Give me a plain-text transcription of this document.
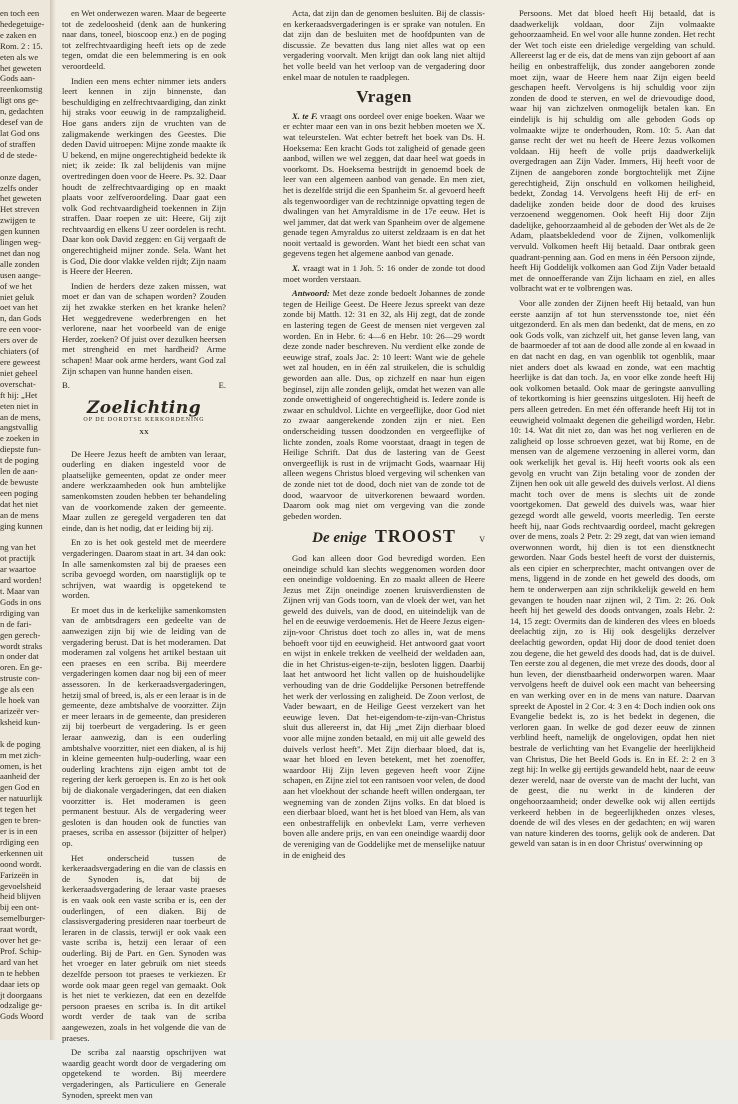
en toch een
hedegetuige-
e zaken en
Rom. 2 : 15.
eten als we
het geweten
Gods aan-
reenkomstig
ligt ons ge-
n, gedachten
desef van de
lat God ons
of straffen
d de stede-

onze dagen,
zelfs onder
het geweten
Het streven
zwijgen te
gen kunnen
lingen weg-
net dan nog
alle zonden
usen aange-
of we het
niet geluk
oet van het
n, dan Gods
re een voor-
ers over de
chiaters (of
ere geweest
niet geheel
overschat-
ft hij: „Het
eten niet in
an de mens,
angstvallig
e zoeken in
diepste fun-
t de poging
len de aan-
de bewuste
een poging
dat het niet
an de mens
ging kunnen

ng van het
ot practijk
ar waartoe
ard worden!
t. Maar van
Gods in ons
rdiging van
n de fari-
gen gerech-
wordt straks
n onder dat
oren. En ge-
struste con-
ge als een
le hoek van
arizeër ver-
ksheid kun-

k de poging
m met zich-
omen, is het
aanheid der
gen God en
er natuurlijk
t tegen het
gen te bren-
er is in een
rdiging een
erkennen uit
oond wordt.
Farizeën in
gevoelsheid
heid blijven
bij een ont-
semelburger-
raat wordt,
over het ge-
Prof. Schip-
ard van het
n te hebben
daar iets op
jt doorgaans
odzalige ge-
Gods Woord

en Wet onderwezen waren. Maar de begeerte tot de zedeloosheid (denk aan de hunkering naar dans, toneel, bioscoop enz.) en de poging tot zelfrechtvaardiging heeft iets op de zede tegen, omdat die een belemmering is en ook veroordeeld.

Indien een mens echter nimmer iets anders leert kennen in zijn binnenste, dan beschuldiging en zelfrechtvaardiging, dan zinkt hij straks voor eeuwig in de rampzaligheid. Hoe gans anders zijn de vruchten van de zaligmakende werkingen des Geestes. Die deden David uitroepen: Mijne zonde maakte ik U bekend, en mijne ongerechtigheid bedekte ik niet; ik zeide: Ik zal belijdenis van mijne overtredingen doen voor de Heere. Ps. 32. Daar houdt de zelfrechtvaardiging op en maakt plaats voor zelfveroordeling. Daar gaat een volk God rechtvaardigheid toekennen in Zijn straffen. Daar roepen ze uit: Heere, Gij zijt rechtvaardig en elkens U zeer oordelen is recht. Daar kon ook David zeggen: en Gij vergaaft de ongerechtigheid mijner zonde. Sela. Want het is God, Die door vlakke velden rijdt; Zijn naam is Heere der Heeren.

Indien de herders deze zaken missen, wat moet er dan van de schapen worden? Zouden zij het zwakke sterken en het kranke helen? Het weggedrevene wederbrengen en het verlorene, naar het voorbeeld van de enige Herder, zoeken? Of juist over dezulken heersen met strengheid en met hardheid? Arme schapen! Maar ook arme herders, want God zal Zijn schapen van hunne handen eisen.

B.	E.
Zoelichting
OP DE DORDTSE KERKORDENING
XX

De Heere Jezus heeft de ambten van leraar, ouderling en diaken ingesteld voor de plaatselijke gemeenten, opdat ze onder meer andere werkzaamheden ook hun ambtelijke samenkomsten zouden hebben ter behandeling van de voorkomende zaken der gemeente. Maar zullen ze geregeld vergaderen ten dat einde, dan is het nodig, dat er leiding bij zij.

En zo is het ook gesteld met de meerdere vergaderingen. Daarom staat in art. 34 dan ook: In alle samenkomsten zal bij de praeses een scriba gevoegd worden, om naarstiglijk op te schrijven, wat waardig is opgetekend te worden.

Er moet dus in de kerkelijke samenkomsten van de ambtsdragers een gedeelte van de aanwezigen zijn bij wie de leiding van de vergadering berust. Dat is het moderamen. Dat moderamen zal volgens het artikel bestaan uit een praeses en een scriba. Bij meerdere vergaderingen komen daar nog bij een of meer assessoren. In de kerkeraadsvergaderingen, hetzij smal of breed, is, als er een leraar is in de gemeente, deze ambtshalve de voorzitter. Zijn er meer leraars in de gemeente, dan presideren zij bij toerbeurt de vergadering. Is er geen leraar aanwezig, dan is een ouderling ambtshalve voorzitter, niet een diaken, al is hij in kleine gemeenten hulp-ouderling, waar een ouderling krachtens zijn eigen ambt tot de regering der kerk geroepen is. En zo is het ook bij de diakonale vergaderingen, dat een diaken voorzitter is. Het moderamen is geen permanent bestuur. Als de vergadering weer gesloten is dan houden ook de functies van praeses, scriba en assessor (bijzitter of helper) op.

Het onderscheid tussen de kerkeraadsvergadering en die van de classis en de Synoden is, dat bij de kerkeraadsvergadering de leraar vaste praeses is en vaak ook een vaste scriba er is, een der ouderlingen, of een diaken. Bij de classisvergadering presideren naar toerbeurt de leraren in de classis, terwijl er ook vaak een vaste scriba is, hetzij een leraar of een ouderling. Bij de Part. en Gen. Synoden was het vroeger en later gebruik om niet steeds dezelfde persoon tot praeses te verkiezen. Er worde ook maar geen regel van gemaakt. Ook is het niet te verkiezen, dat een en dezelfde persoon praeses en scriba is. In dit artikel wordt verder de taak van de scriba aangewezen, zoals in het volgende die van de praeses.

De scriba zal naarstig opschrijven wat waardig geacht wordt door de vergadering om opgetekend te worden. Bij meerdere vergaderingen, als Particuliere en Generale Synoden, spreekt men van

Acta, dat zijn dan de genomen besluiten. Bij de classis- en kerkeraadsvergaderingen is er sprake van notulen. En dat zijn dan de besluiten met de hoofdpunten van de discussie. Ze bevatten dus lang niet alles wat op een vergadering voorvalt. Men krijgt dan ook lang niet altijd het volle beeld van het verloop van de vergadering door enkel maar de notulen te raadplegen.

Vragen

X. te F. vraagt ons oordeel over enige boeken. Waar we er echter maar een van in ons bezit hebben moeten we X. wat teleursteIen. Wat echter betreft het boek van Ds. H. Hoeksema: Een kracht Gods tot zaligheid of genade geen aanbod, willen we wel zeggen, dat daar heel wat goeds in voorkomt. Ds. Hoeksema bestrijdt in genoemd boek de leer van een algemeen aanbod van genade. En men ziet, het is dezelfde strijd die een Spanheim Sr. al gevoerd heeft als tegenwoordiger van de rechtzinnige opvatting tegen de dwalingen van het Amyraldisme in de 17e eeuw. Het is wel jammer, dat dat werk van Spanheim over de algemene genade tegen Amyraldus zo uiterst zeldzaam is en dat het nooit vertaald is geworden. Want het biedt een schat van gegevens tegen het algemene aanbod van genade.

X. vraagt wat in 1 Joh. 5: 16 onder de zonde tot dood moet worden verstaan.

Antwoord: Met deze zonde bedoelt Johannes de zonde tegen de Heilige Geest. De Heere Jezus spreekt van deze zonde bij Matth. 12: 31 en 32, als Hij zegt, dat de zonde en lastering tegen de Geest de mensen niet vergeven zal worden. En in Hebr. 6: 4—6 en Hebr. 10: 26—29 wordt deze zonde nader beschreven. Nu verdient elke zonde de eeuwige straf, zoals Jac. 2: 10 leert: Want wie de gehele wet zal houden, en in één zal struikelen, die is schuldig geworden aan alle. Dus, op zichzelf en naar hun eigen beginsel, zijn alle zonden gelijk, omdat het wezen van alle zonde onwettigheid of ongerechtigheid is. Iedere zonde is zwaar en schuldvol. Lichte en vergeeflijke, door God niet zo zwaar aangerekende zonden zijn er niet. Een onderscheiding tussen doodzonden en vergeeflijke of lichte zonden, zoals Rome voorstaat, draagt in tegen de Heilige Schrift. Dat dus de lastering van de Geest onvergeeflijk is rust in de vrijmacht Gods, waarnaar Hij alleen wegens Christus bloed vergeving wil schenken van de zonde niet tot de dood, doch niet van de zonde tot de dood, waarvoor de uitverkorenen bewaard worden. Daarom ook mag niet om vergeving van die zonde gebeden worden.

De enige TROOST	V

God kan alleen door God bevredigd worden. Een oneindige schuld kan slechts weggenomen worden door een oneindige voldoening. En zo maakt alleen de Heere Jezus met Zijn oneindige zoenen kruisverdiensten de Zijnen vrij van Gods toorn, van de vloek der wet, van het geweld des duivels, van de dood, en uiteindelijk van de hel en de eeuwige verdoemenis. Het de Heere Jezus eigen-zijn-voor Christus doet toch zo alles in, wat de mens behoeft voor tijd en eeuwigheid. Het antwoord gaat voort en wijst in enkele trekken de veelheid der weldaden aan, die in het Christus-eigen-te-zijn, besloten liggen. Daarbij laat het antwoord het licht vallen op de huishoudelijke verhouding van de drie Goddelijke Personen betreffende het werk der verlossing en zaligheid. De Zoon verlost, de Vader bewaart, en de Heilige Geest verzekert van het eeuwige leven. Dat het-eigendom-te-zijn-van-Christus sluit dus allereerst in, dat Hij „met Zijn dierbaar bloed voor alle mijne zonden betaald, en mij uit alle geweld des duivels verlost heeft". Met Zijn dierbaar bloed, dat is, waar het bloed en leven betekent, met het zoenoffer, waardoor Hij Zijn leven gegeven heeft voor Zijne schapen, en Zijne ziel tot een rantsoen voor velen, de dood aan het vloekhout der schande heeft willen ondergaan, ter wegneming van de zonden Zijns volks. En dat bloed is een dierbaar bloed, want het is het bloed van Hem, als van een onbestraffelijk en onbevlekt Lam, verre verheven boven alle andere prijs, en van een oneindige waardij door de vereniging van de Goddelijke met de menselijke natuur in de enigheid des

Persoons. Met dat bloed heeft Hij betaald, dat is daadwerkelijk voldaan, door Zijn volmaakte gehoorzaamheid. En wel voor alle hunne zonden. Het recht der Wet toch eiste een drieledige vergelding van schuld. Allereerst lag er de eis, dat de mens van zijn geboort af aan heilig en onbestraffelijk, dus zonder aangeboren zonde moet zijn, waar de Heere hem naar Zijn eigen beeld geschapen heeft. Vervolgens is hij schuldig voor zijn zonden de dood te sterven, en wel de drievoudige dood, waar hij van zichzelven onmogelijk betalen kan. En eindelijk is hij schuldig om alle geboden Gods op volmaakte wijze te onderhouden, Rom. 10: 5. Aan dat ganse recht der wet nu heeft de Heere Jezus volkomen voldaan. Hij heeft de volle prijs daadwerkelijk overgedragen aan Zijn Vader. Immers, Hij heeft voor de Zijnen de aangeboren zonde borgtochtelijk met Zijne gerechtigheid, Zijn onschuld en volkomen heiligheid, bedekt, Zondag 14. Vervolgens heeft Hij de erf- en dadelijke zonden beide door de dood des kruises verzoenend weggenomen. Ook heeft Hij door Zijn dadelijke, gehoorzaamheid al de geboden der Wet als de 2e Adam, plaatsbekledend voor de Zijnen, volkomenlijk vervuld. Volkomen heeft Hij betaald. Daar ontbrak geen quadrant-penning aan. God en mens in één Persoon zijnde, heeft Hij Goddelijk volkomen aan God Zijn Vader betaald met de onnoefferande van Zijn lichaam en ziel, en alles volbracht wat er te volbrengen was.

Voor alle zonden der Zijnen heeft Hij betaald, van hun eerste aanzijn af tot hun stervensstonde toe, niet één uitgezonderd. En als men dan bedenkt, dat de mens, en zo ook Gods volk, van zichzelf uit, het ganse leven lang, van de baarmoeder af tot aan de dood alle zonde al en kwaad in en dat nacht en dag, en van ogenblik tot ogenblik, maar niet anders doet als kwaad en zonde, wat een machtig heerlijke is dat dan toch. Ja, en voor elke zonde heeft Hij ook volkomen betaald. Ook maar de geringste aanvulling of tekortkoming is hier geenszins uitgesloten. Hij heeft de pers alleen getreden. En met één offerande heeft Hij tot in eeuwigheid volmaakt degenen die geheiligd worden, Hebr. 10: 14. Wat dit niet zo, dan was het nog verlieren en de zaligheid op losse schroeven gezet, wat bij Rome, en de mensen van de algemene verzoening in allerei vorm, dan ook werkelijk het geval is. Hij heeft voorts ook als een gevolg en vrucht van Zijn betaling voor de zonden der Zijnen hen ook uit alle geweld des duivels verlost. Al diens macht toch over de mens is slechts uit de zonde voortgekomen. Dat geweld des duivels was, waar hier gezegd wordt alle geweld, voorts meerledig. Ten eerste heeft hij, naar Gods rechtvaardig oordeel, macht gekregen over de mens, zoals 2 Petr. 2: 29 zegt, dat van wien iemand overwonnen wordt, hij dien is tot een dienstknecht geworden. Naar Gods bestel heeft de vorst der duisternis, als een cipier en scherprechter, macht ontvangen over de mens, liggend in de zonde en het geweld des doods, om hem te onderwerpen aan zijn schrikkelijk geweld en hem gevangen te houden naar zijnen wil, 2 Tim. 2: 26. Ook heeft hij het geweld des doods ontvangen, zoals Hebr. 2: 14, 15 zegt: Overmits dan de kinderen des vlees en bloeds deelachtig zijn, zo is Hij ook desgelijks derzelver deelachtig geworden, opdat Hij door de dood teniet doen zou degene, die het geweld des doods had, dat is de duivel. Ten eerste zou al degenen, die met vreze des doods, door al hun leven, der dienstbaarheid onderworpen waren. Maar vervolgens heeft de duivel ook een macht van beheersing en van werking over en in de mens van nature. Daarvan spreekt de Apostel in 2 Cor. 4: 3 en 4: Doch indien ook ons Evangelie bedekt is, zo is het bedekt in degenen, die verloren gaan. In welke de god dezer eeuw de zinnen verblind heeft, namelijk de ongelovigen, opdat hen niet bestrale de verlichting van het Evangelie der heerlijkheid van Christus, Die het Beeld Gods is. En in Ef. 2: 2 en 3 zegt hij: In welke gij eertijds gewandeld hebt, naar de eeuw dezer wereld, naar de overste van de macht der lucht, van de geest, die nu werkt in de kinderen der ongehoorzaamheid; onder dewelke ook wij allen eertijds verkeerd hebben in de begeerlijkheden onzes vleses, doende de wil des vleses en der gedachten; en wij waren van nature kinderen des toorns, gelijk ook de anderen. Dat geweld van satan is in en door Christus' overwinning op
